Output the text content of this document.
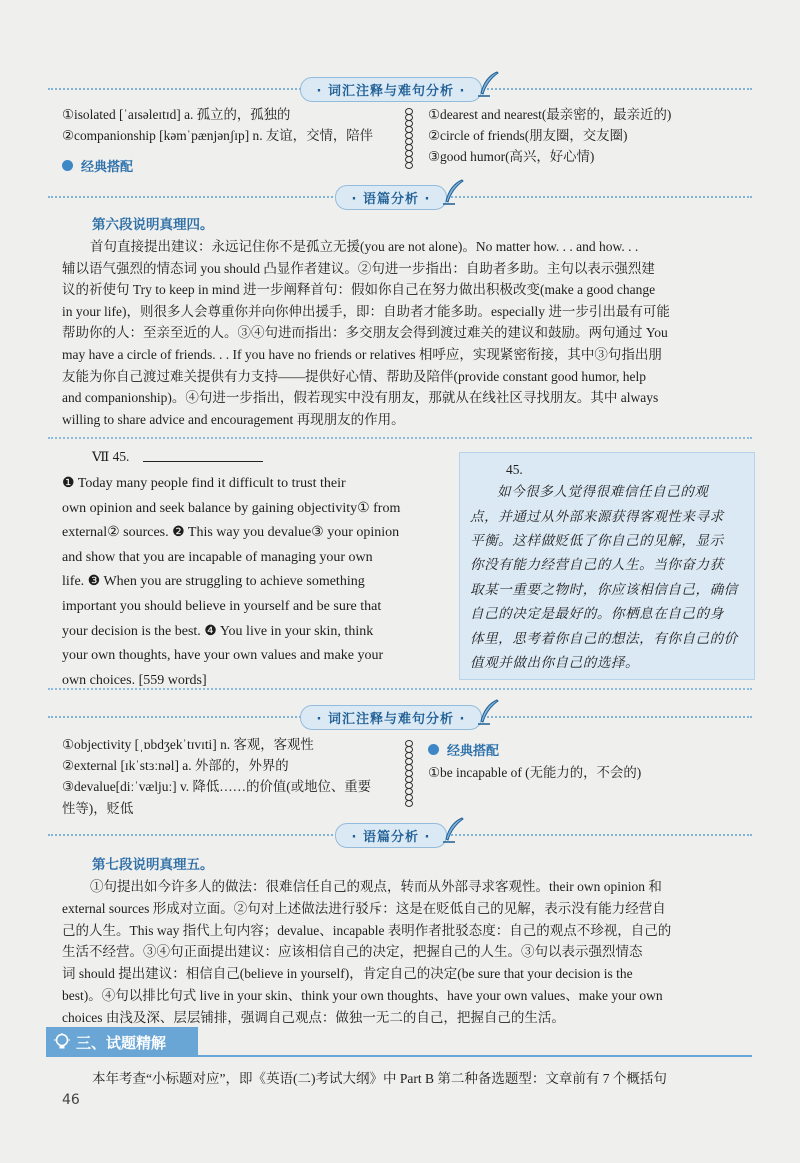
· 词汇注释与难句分析 ·
①isolated [ˈaɪsəleɪtɪd] a. 孤立的，孤独的
②companionship [kəmˈpænjənʃɪp] n. 友谊，交情，陪伴
①dearest and nearest(最亲密的，最亲近的)
②circle of friends(朋友圈，交友圈)
③good humor(高兴，好心情)
经典搭配
· 语篇分析 ·
第六段说明真理四。
首句直接提出建议：永远记住你不是孤立无援(you are not alone)。No matter how. . . and how. . .
辅以语气强烈的情态词 you should 凸显作者建议。②句进一步指出：自助者多助。主句以表示强烈建
议的祈使句 Try to keep in mind 进一步阐释首句：假如你自己在努力做出积极改变(make a good change
in your life)，则很多人会尊重你并向你伸出援手，即：自助者才能多助。especially 进一步引出最有可能
帮助你的人：至亲至近的人。③④句进而指出：多交朋友会得到渡过难关的建议和鼓励。两句通过 You
may have a circle of friends. . . If you have no friends or relatives 相呼应，实现紧密衔接，其中③句指出朋
友能为你自己渡过难关提供有力支持——提供好心情、帮助及陪伴(provide constant good humor, help
and companionship)。④句进一步指出，假若现实中没有朋友，那就从在线社区寻找朋友。其中 always
willing to share advice and encouragement 再现朋友的作用。
Ⅶ 45.
❶ Today many people find it difficult to trust their
own opinion and seek balance by gaining objectivity① from
external② sources. ❷ This way you devalue③ your opinion
and show that you are incapable of managing your own
life. ❸ When you are struggling to achieve something
important you should believe in yourself and be sure that
your decision is the best. ❹ You live in your skin, think
your own thoughts, have your own values and make your
own choices. [559 words]
45.
如今很多人觉得很难信任自己的观
点，并通过从外部来源获得客观性来寻求
平衡。这样做贬低了你自己的见解，显示
你没有能力经营自己的人生。当你奋力获
取某一重要之物时，你应该相信自己，确信
自己的决定是最好的。你栖息在自己的身
体里，思考着你自己的想法，有你自己的价
值观并做出你自己的选择。
· 词汇注释与难句分析 ·
①objectivity [ˌɒbdʒekˈtɪvɪti] n. 客观，客观性
②external [ɪkˈstɜːnəl] a. 外部的，外界的
③devalue[diːˈvæljuː] v. 降低……的价值(或地位、重要
性等)，贬低
经典搭配
①be incapable of (无能力的，不会的)
· 语篇分析 ·
第七段说明真理五。
①句提出如今许多人的做法：很难信任自己的观点，转而从外部寻求客观性。their own opinion 和
external sources 形成对立面。②句对上述做法进行驳斥：这是在贬低自己的见解，表示没有能力经营自
己的人生。This way 指代上句内容；devalue、incapable 表明作者批驳态度：自己的观点不珍视，自己的
生活不经营。③④句正面提出建议：应该相信自己的决定，把握自己的人生。③句以表示强烈情态
词 should 提出建议：相信自己(believe in yourself)，肯定自己的决定(be sure that your decision is the
best)。④句以排比句式 live in your skin、think your own thoughts、have your own values、make your own
choices 由浅及深、层层铺排，强调自己观点：做独一无二的自己，把握自己的生活。
三、试题精解
本年考查“小标题对应”，即《英语(二)考试大纲》中 Part B 第二种备选题型：文章前有 7 个概括句
46
